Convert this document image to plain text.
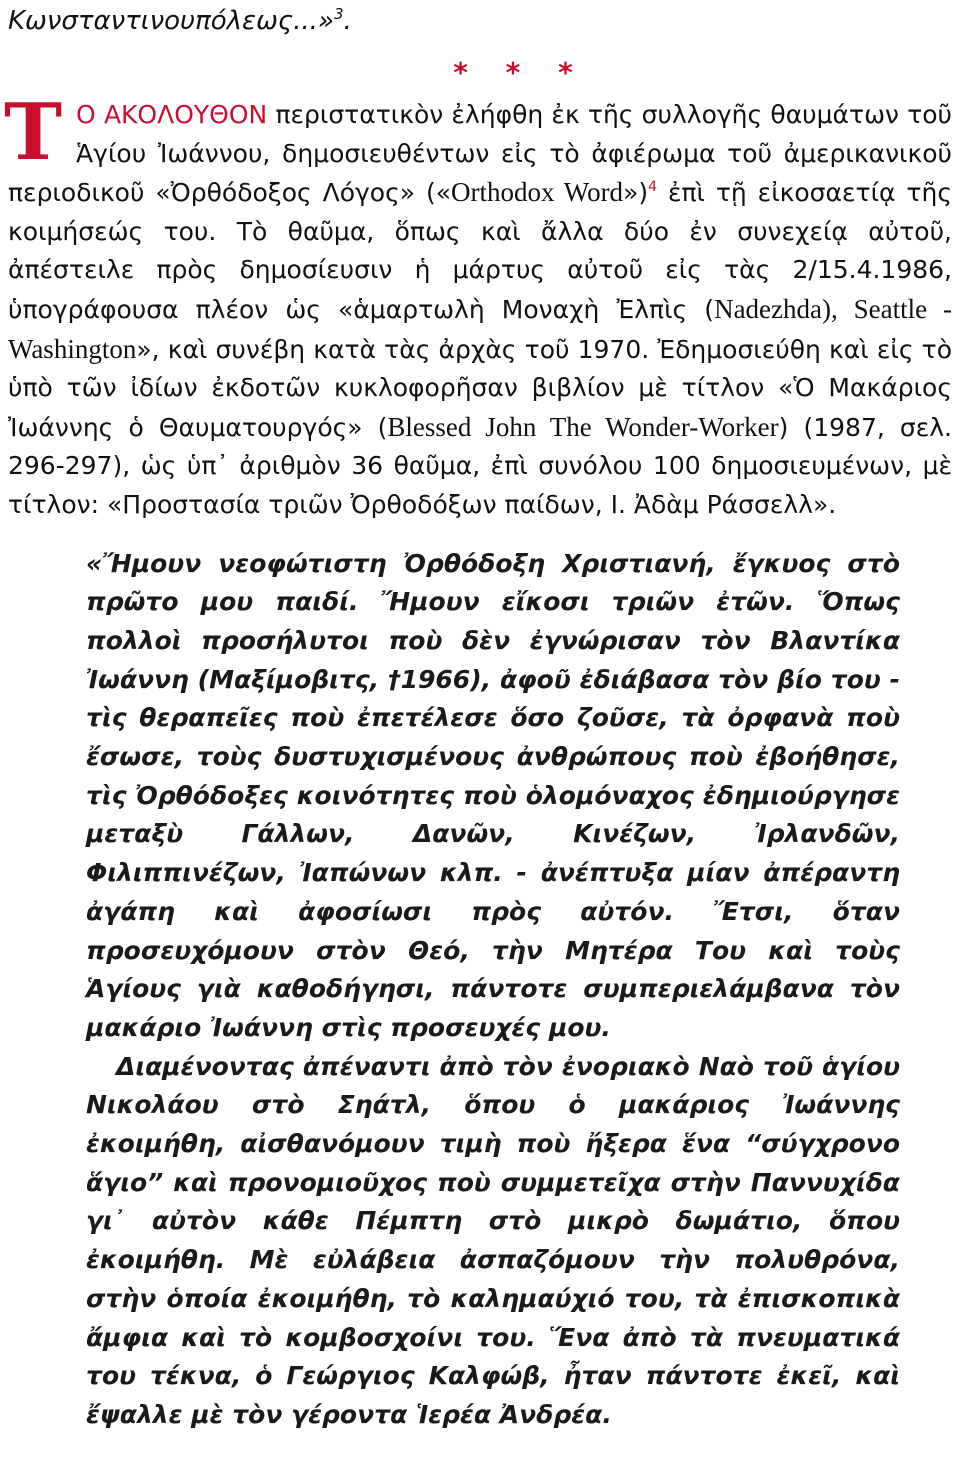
Κωνσταντινουπόλεως...»$^3$.
* * *
Τ Ο ΑΚΟΛΟΥΘΟΝ περιστατικὸν ἐλήφθη ἐκ τῆς συλλογῆς θαυμάτων τοῦ Ἁγίου Ἰωάννου, δημοσιευθέντων εἰς τὸ ἀφιέρωμα τοῦ ἀμερικανικοῦ περιοδικοῦ «Ὀρθόδοξος Λόγος» («Orthodox Word»)$^4$ ἐπὶ τῇ εἰκοσαετίᾳ τῆς κοιμήσεώς του. Τὸ θαῦμα, ὅπως καὶ ἄλλα δύο ἐν συνεχείᾳ αὐτοῦ, ἀπέστειλε πρὸς δημοσίευσιν ἡ μάρτυς αὐτοῦ εἰς τὰς 2/15.4.1986, ὑπογράφουσα πλέον ὡς «ἁμαρτωλὴ Μοναχὴ Ἐλπὶς (Nadezhda), Seattle - Washington», καὶ συνέβη κατὰ τὰς ἀρχὰς τοῦ 1970. Ἐδημοσιεύθη καὶ εἰς τὸ ὑπὸ τῶν ἰδίων ἐκδοτῶν κυκλοφορῆσαν βιβλίον μὲ τίτλον «Ὁ Μακάριος Ἰωάννης ὁ Θαυματουργός» (Blessed John The Wonder-Worker) (1987, σελ. 296-297), ὡς ὑπ᾽ ἀριθμὸν 36 θαῦμα, ἐπὶ συνόλου 100 δημοσιευμένων, μὲ τίτλον: «Προστασία τριῶν Ὀρθοδόξων παίδων, Ι. Ἀδὰμ Ράσσελλ».

«Ἤμουν νεοφώτιστη Ὀρθόδοξη Χριστιανή, ἔγκυος στὸ πρῶτο μου παιδί. Ἤμουν εἴκοσι τριῶν ἐτῶν. Ὅπως πολλοὶ προσήλυτοι ποὺ δὲν ἐγνώρισαν τὸν Βλαντίκα Ἰωάννη (Μαξίμοβιτς, †1966), ἀφοῦ ἐδιάβασα τὸν βίο του - τὶς θεραπεῖες ποὺ ἐπετέλεσε ὅσο ζοῦσε, τὰ ὀρφανὰ ποὺ ἔσωσε, τοὺς δυστυχισμένους ἀνθρώπους ποὺ ἐβοήθησε, τὶς Ὀρθόδοξες κοινότητες ποὺ ὁλομόναχος ἐδημιούργησε μεταξὺ Γάλλων, Δανῶν, Κινέζων, Ἰρλανδῶν, Φιλιππινέζων, Ἰαπώνων κλπ. - ἀνέπτυξα μίαν ἀπέραντη ἀγάπη καὶ ἀφοσίωσι πρὸς αὐτόν. Ἔτσι, ὅταν προσευχόμουν στὸν Θεό, τὴν Μητέρα Του καὶ τοὺς Ἁγίους γιὰ καθοδήγησι, πάντοτε συμπεριελάμβανα τὸν μακάριο Ἰωάννη στὶς προσευχές μου.

Διαμένοντας ἀπέναντι ἀπὸ τὸν ἐνοριακὸ Ναὸ τοῦ ἁγίου Νικολάου στὸ Σηάτλ, ὅπου ὁ μακάριος Ἰωάννης ἐκοιμήθη, αἰσθανόμουν τιμὴ ποὺ ἤξερα ἕνα “σύγχρονο ἅγιο” καὶ προνομιοῦχος ποὺ συμμετεῖχα στὴν Παννυχίδα γι᾽ αὐτὸν κάθε Πέμπτη στὸ μικρὸ δωμάτιο, ὅπου ἐκοιμήθη. Μὲ εὐλάβεια ἀσπαζόμουν τὴν πολυθρόνα, στὴν ὁποία ἐκοιμήθη, τὸ καλημαύχιό του, τὰ ἐπισκοπικὰ ἄμφια καὶ τὸ κομβοσχοίνι του. Ἕνα ἀπὸ τὰ πνευματικά του τέκνα, ὁ Γεώργιος Καλφώβ, ἦταν πάντοτε ἐκεῖ, καὶ ἔψαλλε μὲ τὸν γέροντα Ἱερέα Ἀνδρέα.
